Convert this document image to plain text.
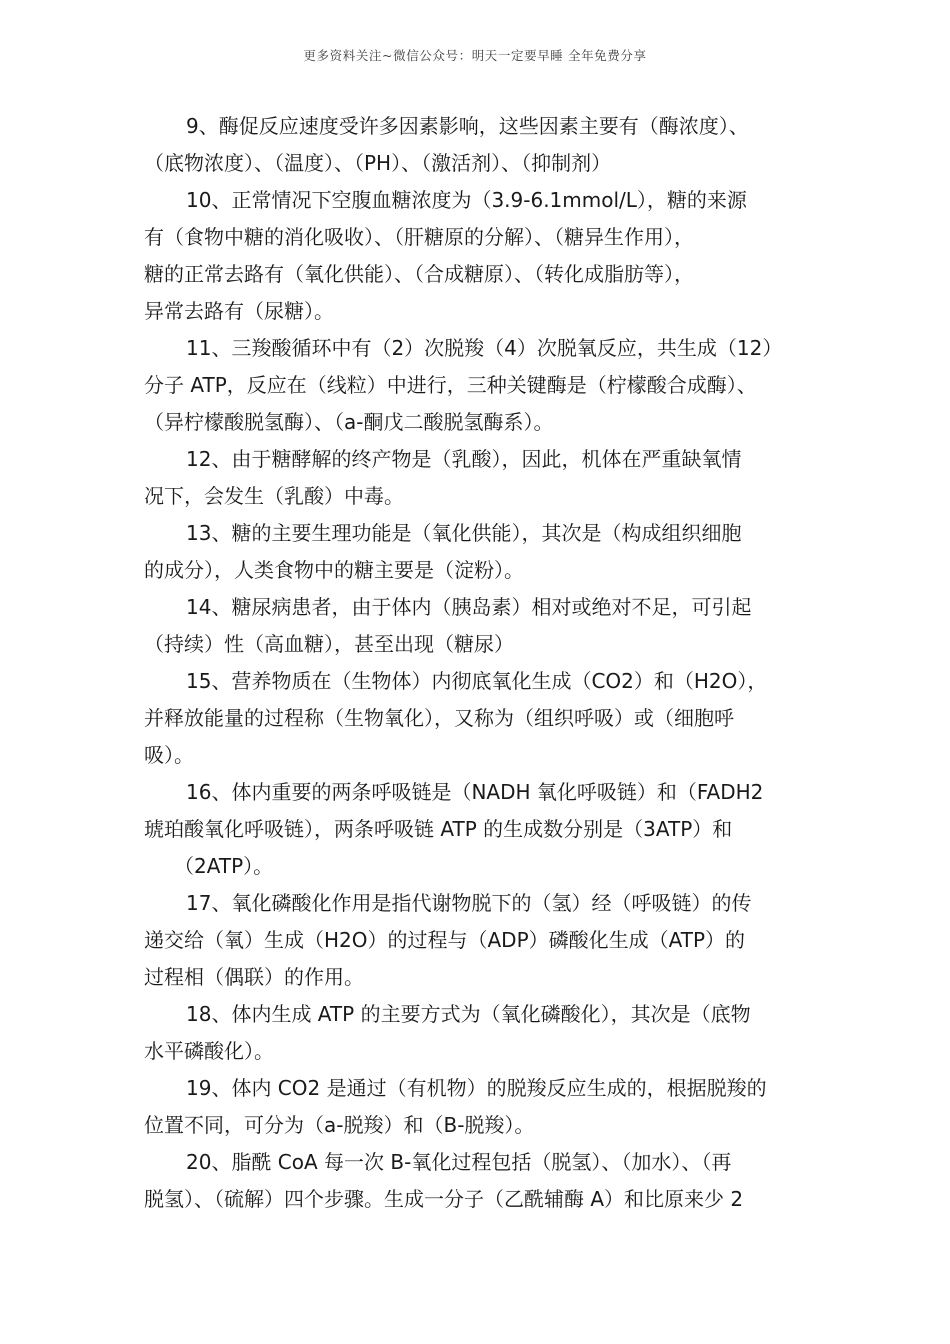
更多资料关注~微信公众号：明天一定要早睡 全年免费分享

9、酶促反应速度受许多因素影响，这些因素主要有（酶浓度）、
（底物浓度）、（温度）、（PH）、（激活剂）、（抑制剂）

10、正常情况下空腹血糖浓度为（3.9-6.1mmol/L），糖的来源
有（食物中糖的消化吸收）、（肝糖原的分解）、（糖异生作用），
糖的正常去路有（氧化供能）、（合成糖原）、（转化成脂肪等），
异常去路有（尿糖）。

11、三羧酸循环中有（2）次脱羧（4）次脱氧反应，共生成（12）
分子 ATP，反应在（线粒）中进行，三种关键酶是（柠檬酸合成酶）、
（异柠檬酸脱氢酶）、（a-酮戊二酸脱氢酶系）。

12、由于糖酵解的终产物是（乳酸），因此，机体在严重缺氧情
况下，会发生（乳酸）中毒。

13、糖的主要生理功能是（氧化供能），其次是（构成组织细胞
的成分），人类食物中的糖主要是（淀粉）。

14、糖尿病患者，由于体内（胰岛素）相对或绝对不足，可引起
（持续）性（高血糖），甚至出现（糖尿）

15、营养物质在（生物体）内彻底氧化生成（CO2）和（H2O），
并释放能量的过程称（生物氧化），又称为（组织呼吸）或（细胞呼
吸）。

16、体内重要的两条呼吸链是（NADH 氧化呼吸链）和（FADH2
琥珀酸氧化呼吸链），两条呼吸链 ATP 的生成数分别是（3ATP）和
（2ATP）。

17、氧化磷酸化作用是指代谢物脱下的（氢）经（呼吸链）的传
递交给（氧）生成（H2O）的过程与（ADP）磷酸化生成（ATP）的
过程相（偶联）的作用。

18、体内生成 ATP 的主要方式为（氧化磷酸化），其次是（底物
水平磷酸化）。

19、体内 CO2 是通过（有机物）的脱羧反应生成的，根据脱羧的
位置不同，可分为（a-脱羧）和（B-脱羧）。

20、脂酰 CoA 每一次 B-氧化过程包括（脱氢）、（加水）、（再
脱氢）、（硫解）四个步骤。生成一分子（乙酰辅酶 A）和比原来少 2
